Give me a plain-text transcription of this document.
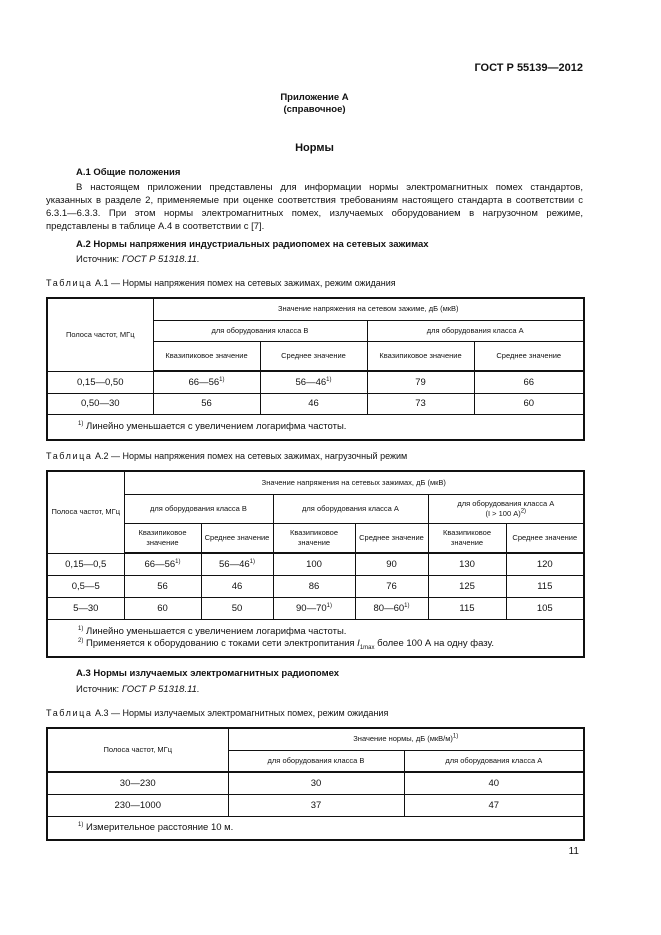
ГОСТ Р 55139—2012
Приложение А
(справочное)
Нормы
А.1 Общие положения
В настоящем приложении представлены для информации нормы электромагнитных помех стандартов, указанных в разделе 2, применяемые при оценке соответствия требованиям настоящего стандарта в соответствии с 6.3.1—6.3.3. При этом нормы электромагнитных помех, излучаемых оборудованием в нагрузочном режиме, представлены в таблице А.4 в соответствии с [7].
А.2 Нормы напряжения индустриальных радиопомех на сетевых зажимах
Источник: ГОСТ Р 51318.11.
Таблица А.1 — Нормы напряжения помех на сетевых зажимах, режим ожидания
Полоса частот, МГц	Значение напряжения на сетевом зажиме, дБ (мкВ)			
	для оборудования класса В		для оборудования класса А	
	Квазипиковое значение	Среднее значение	Квазипиковое значение	Среднее значение
0,15—0,50	66—56$^{1)}$	56—46$^{1)}$	79	66
0,50—30	56	46	73	60
$^{1)}$ Линейно уменьшается с увеличением логарифма частоты.				
Таблица А.2 — Нормы напряжения помех на сетевых зажимах, нагрузочный режим
Полоса частот, МГц	Значение напряжения на сетевых зажимах, дБ (мкВ)					
	для оборудования класса В		для оборудования класса А		для оборудования класса А
(I > 100 А)$^{2)}$

	Квазипиковое значение	Среднее значение	Квазипиковое значение	Среднее значение	Квазипиковое значение	Среднее значение
0,15—0,5	66—56$^{1)}$	56—46$^{1)}$	100	90	130	120
0,5—5	56	46	86	76	125	115
5—30	60	50	90—70$^{1)}$	80—60$^{1)}$	115	105

$^{1)}$ Линейно уменьшается с увеличением логарифма частоты.
$^{2)}$ Применяется к оборудованию с токами сети электропитания $I_{1max}$ более 100 А на одну фазу.						
А.3 Нормы излучаемых электромагнитных радиопомех
Источник: ГОСТ Р 51318.11.
Таблица А.3 — Нормы излучаемых электромагнитных помех, режим ожидания
Полоса частот, МГц	Значение нормы, дБ $(мкВ/м)^{1)}$
	для оборудования класса В	для оборудования класса А
30—230	30	40
230—1000	37	47
$^{1)}$ Измерительное расстояние 10 м.		
11
